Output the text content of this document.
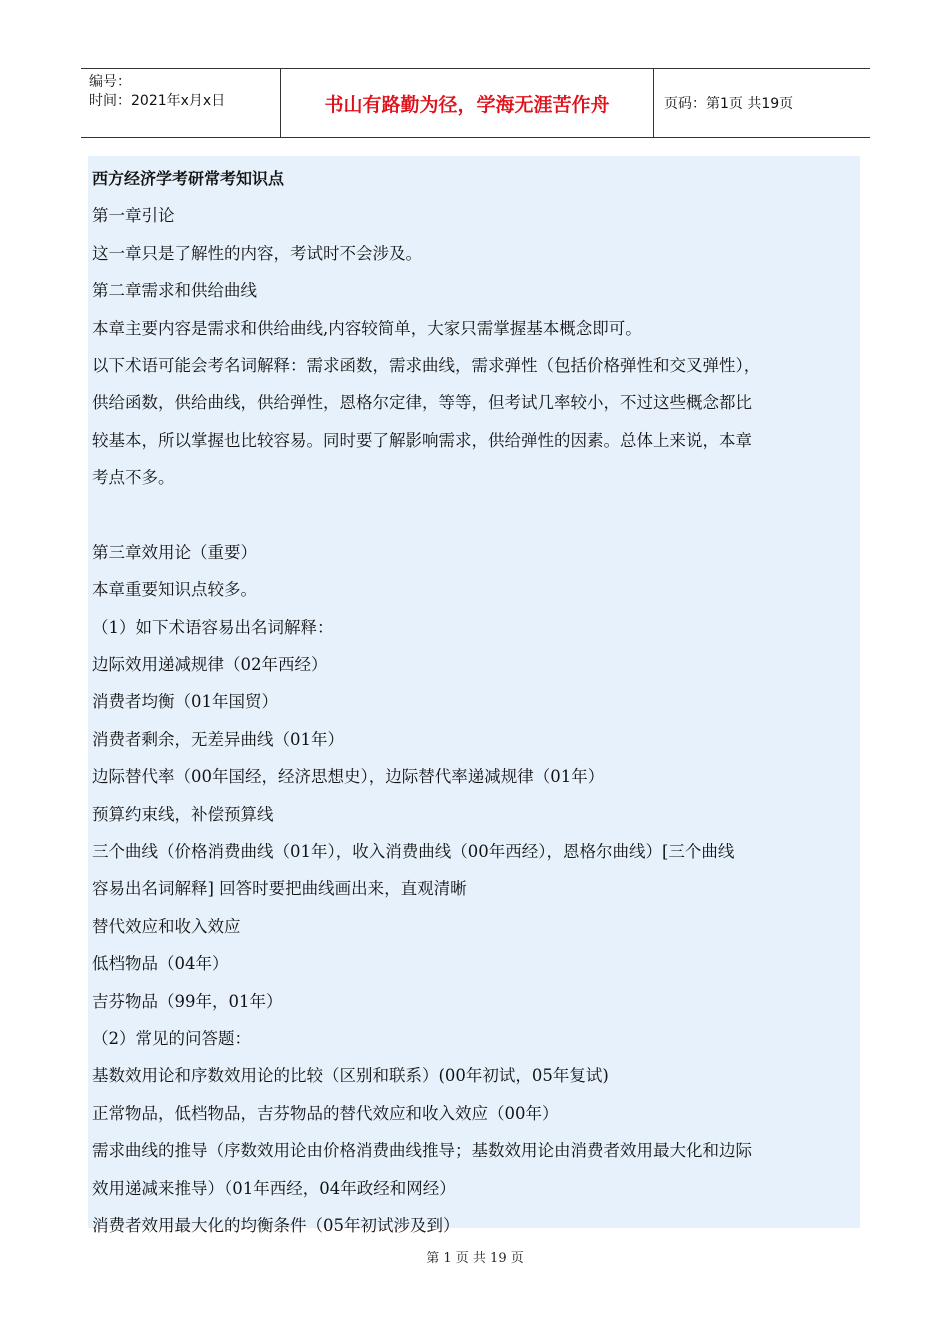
编号：
时间：2021年x月x日	书山有路勤为径，学海无涯苦作舟	页码：第1页 共19页
西方经济学考研常考知识点
第一章引论
这一章只是了解性的内容，考试时不会涉及。
第二章需求和供给曲线
本章主要内容是需求和供给曲线,内容较简单，大家只需掌握基本概念即可。
以下术语可能会考名词解释：需求函数，需求曲线，需求弹性（包括价格弹性和交叉弹性），
供给函数，供给曲线，供给弹性，恩格尔定律，等等，但考试几率较小，不过这些概念都比
较基本，所以掌握也比较容易。同时要了解影响需求，供给弹性的因素。总体上来说，本章
考点不多。
第三章效用论（重要）
本章重要知识点较多。
（1）如下术语容易出名词解释：
边际效用递减规律（02年西经）
消费者均衡（01年国贸）
消费者剩余，无差异曲线（01年）
边际替代率（00年国经，经济思想史），边际替代率递减规律（01年）
预算约束线，补偿预算线
三个曲线（价格消费曲线（01年），收入消费曲线（00年西经），恩格尔曲线）[三个曲线
容易出名词解释] 回答时要把曲线画出来，直观清晰
替代效应和收入效应
低档物品（04年）
吉芬物品（99年，01年）
（2）常见的问答题：
基数效用论和序数效用论的比较（区别和联系）(00年初试，05年复试)
正常物品，低档物品，吉芬物品的替代效应和收入效应（00年）
需求曲线的推导（序数效用论由价格消费曲线推导；基数效用论由消费者效用最大化和边际
效用递减来推导）（01年西经，04年政经和网经）
消费者效用最大化的均衡条件（05年初试涉及到）
第 1 页 共 19 页
